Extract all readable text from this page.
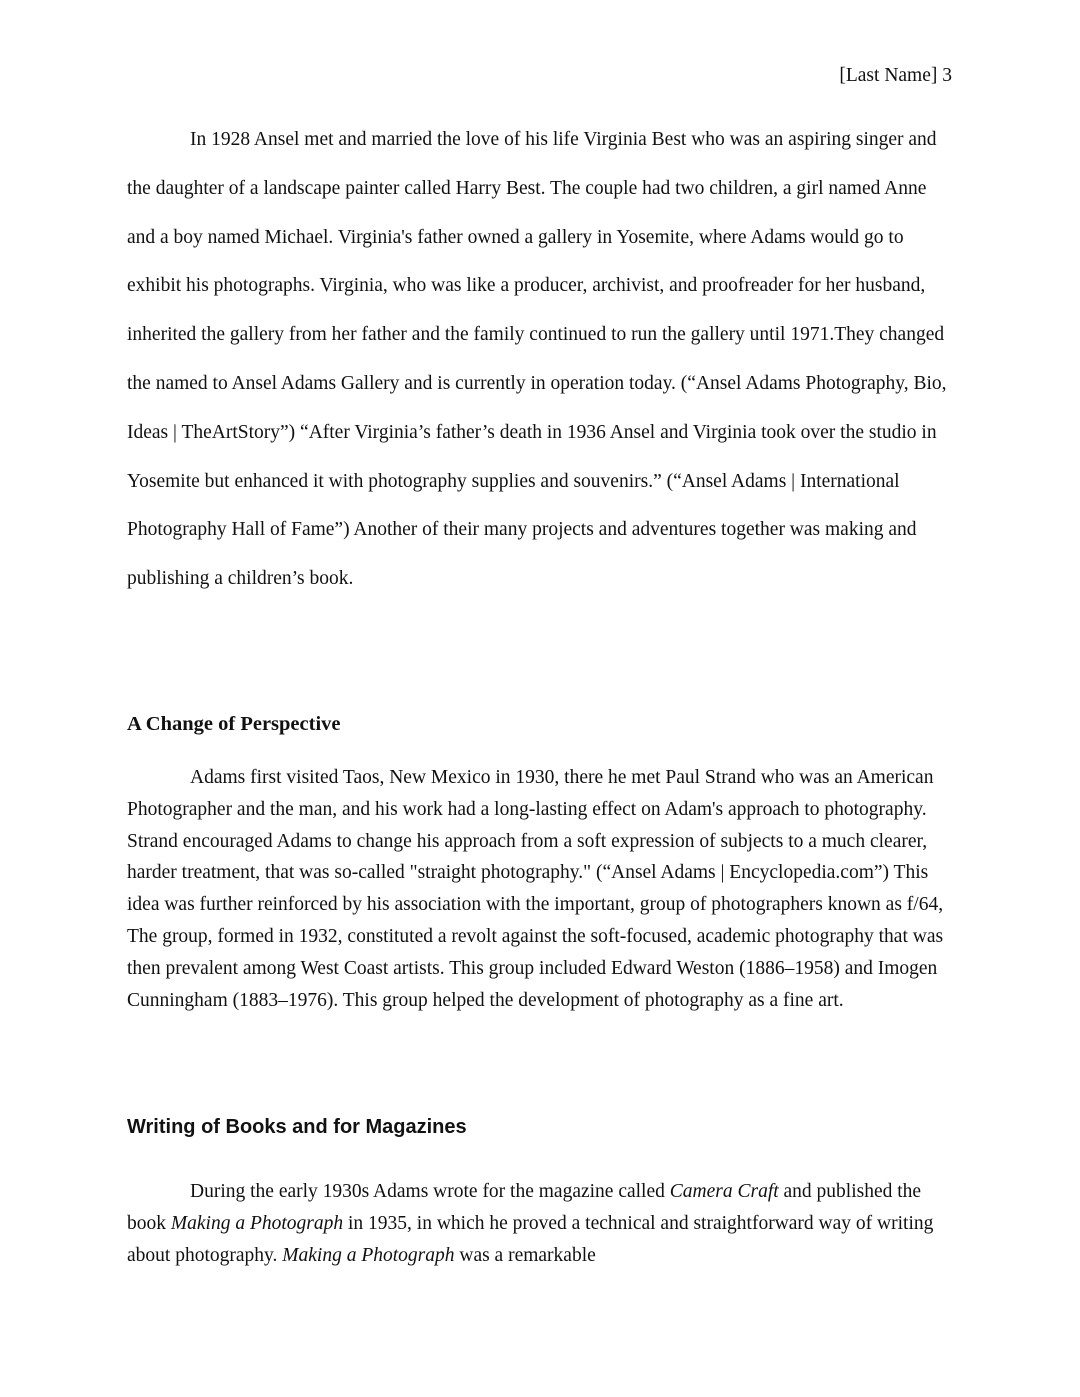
[Last Name] 3

In 1928 Ansel met and married the love of his life Virginia Best who was an aspiring singer and the daughter of a landscape painter called Harry Best. The couple had two children, a girl named Anne and a boy named Michael. Virginia's father owned a gallery in Yosemite, where Adams would go to exhibit his photographs. Virginia, who was like a producer, archivist, and proofreader for her husband, inherited the gallery from her father and the family continued to run the gallery until 1971.They changed the named to Ansel Adams Gallery and is currently in operation today. (“Ansel Adams Photography, Bio, Ideas | TheArtStory”) “After Virginia’s father’s death in 1936 Ansel and Virginia took over the studio in Yosemite but enhanced it with photography supplies and souvenirs.” (“Ansel Adams | International Photography Hall of Fame”) Another of their many projects and adventures together was making and publishing a children’s book.

A Change of Perspective

Adams first visited Taos, New Mexico in 1930, there he met Paul Strand who was an American Photographer and the man, and his work had a long-lasting effect on Adam's approach to photography. Strand encouraged Adams to change his approach from a soft expression of subjects to a much clearer, harder treatment, that was so-called "straight photography." (“Ansel Adams | Encyclopedia.com”) This idea was further reinforced by his association with the important, group of photographers known as f/64, The group, formed in 1932, constituted a revolt against the soft-focused, academic photography that was then prevalent among West Coast artists. This group included Edward Weston (1886–1958) and Imogen Cunningham (1883–1976). This group helped the development of photography as a fine art.

Writing of Books and for Magazines

During the early 1930s Adams wrote for the magazine called Camera Craft and published the book Making a Photograph in 1935, in which he proved a technical and straightforward way of writing about photography. Making a Photograph was a remarkable
